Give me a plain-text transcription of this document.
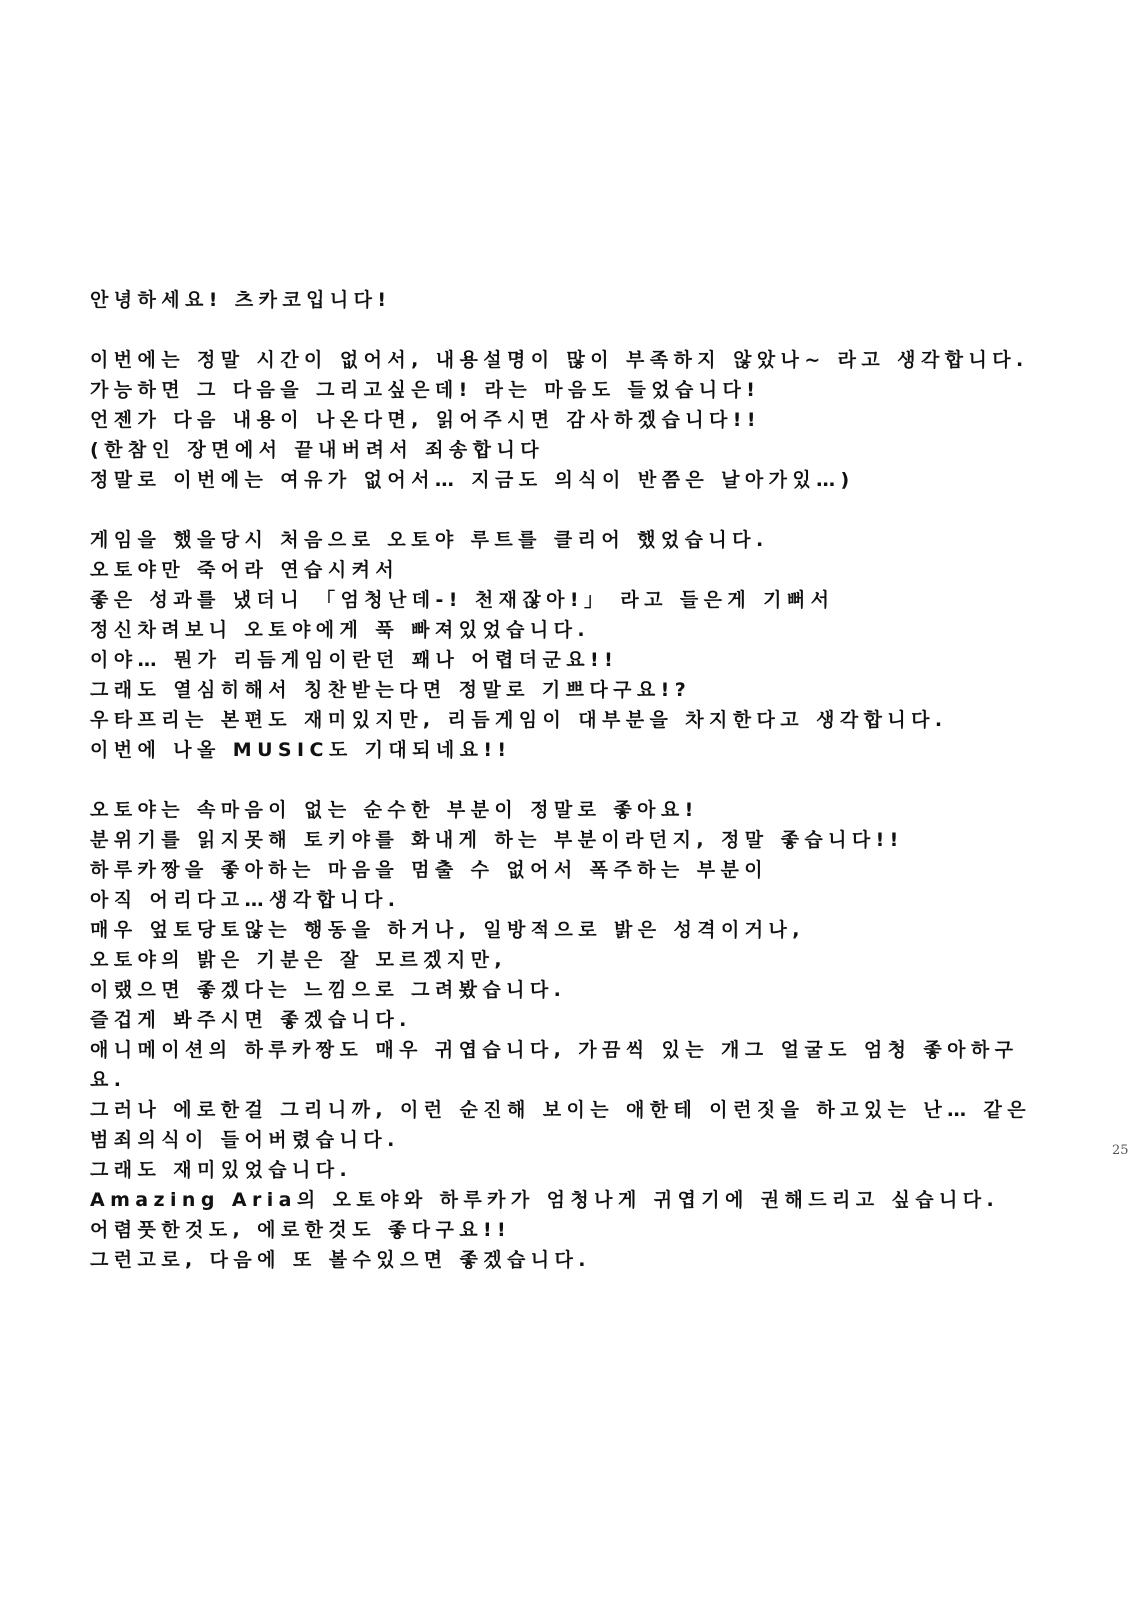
안녕하세요! 츠카코입니다!
이번에는 정말 시간이 없어서, 내용설명이 많이 부족하지 않았나~ 라고 생각합니다.
가능하면 그 다음을 그리고싶은데! 라는 마음도 들었습니다!
언젠가 다음 내용이 나온다면, 읽어주시면 감사하겠습니다!!
(한참인 장면에서 끝내버려서 죄송합니다
정말로 이번에는 여유가 없어서… 지금도 의식이 반쯤은 날아가있…)
게임을 했을당시 처음으로 오토야 루트를 클리어 했었습니다.
오토야만 죽어라 연습시켜서
좋은 성과를 냈더니 「엄청난데-! 천재잖아!」 라고 들은게 기뻐서
정신차려보니 오토야에게 푹 빠져있었습니다.
이야… 뭔가 리듬게임이란던 꽤나 어렵더군요!!
그래도 열심히해서 칭찬받는다면 정말로 기쁘다구요!?
우타프리는 본편도 재미있지만, 리듬게임이 대부분을 차지한다고 생각합니다.
이번에 나올 MUSIC도 기대되네요!!
오토야는 속마음이 없는 순수한 부분이 정말로 좋아요!
분위기를 읽지못해 토키야를 화내게 하는 부분이라던지, 정말 좋습니다!!
하루카짱을 좋아하는 마음을 멈출 수 없어서 폭주하는 부분이
아직 어리다고…생각합니다.
매우 엎토당토않는 행동을 하거나, 일방적으로 밝은 성격이거나,
오토야의 밝은 기분은 잘 모르겠지만,
이랬으면 좋겠다는 느낌으로 그려봤습니다.
즐겁게 봐주시면 좋겠습니다.
애니메이션의 하루카짱도 매우 귀엽습니다, 가끔씩 있는 개그 얼굴도 엄청 좋아하구
요.
그러나 에로한걸 그리니까, 이런 순진해 보이는 애한테 이런짓을 하고있는 난… 같은
범죄의식이 들어버렸습니다.
그래도 재미있었습니다.
Amazing Aria의 오토야와 하루카가 엄청나게 귀엽기에 권해드리고 싶습니다.
어렴풋한것도, 에로한것도 좋다구요!!
그런고로, 다음에 또 볼수있으면 좋겠습니다.
25
